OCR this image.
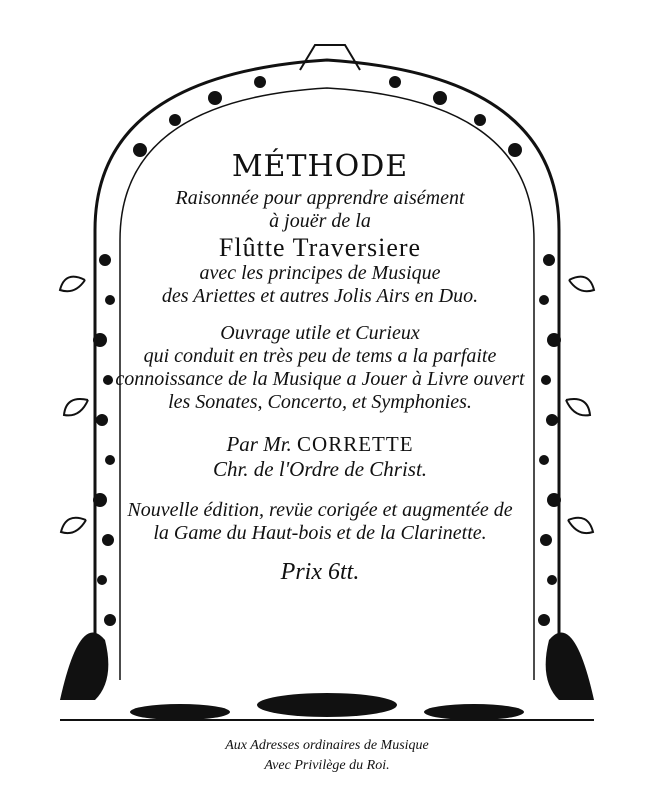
MÉTHODE
Raisonnée pour apprendre aisément
à jouër de la
Flûtte Traversiere
avec les principes de Musique
des Ariettes et autres Jolis Airs en Duo.
Ouvrage utile et Curieux
qui conduit en très peu de tems a la parfaite
connoissance de la Musique a Jouer à Livre ouvert
les Sonates, Concerto, et Symphonies.
Par Mr. CORRETTE
Chr. de l'Ordre de Christ.
Nouvelle édition, revüe corigée et augmentée de
la Game du Haut-bois et de la Clarinette.
Prix 6tt.
Aux Adresses ordinaires de Musique
Avec Privilège du Roi.
